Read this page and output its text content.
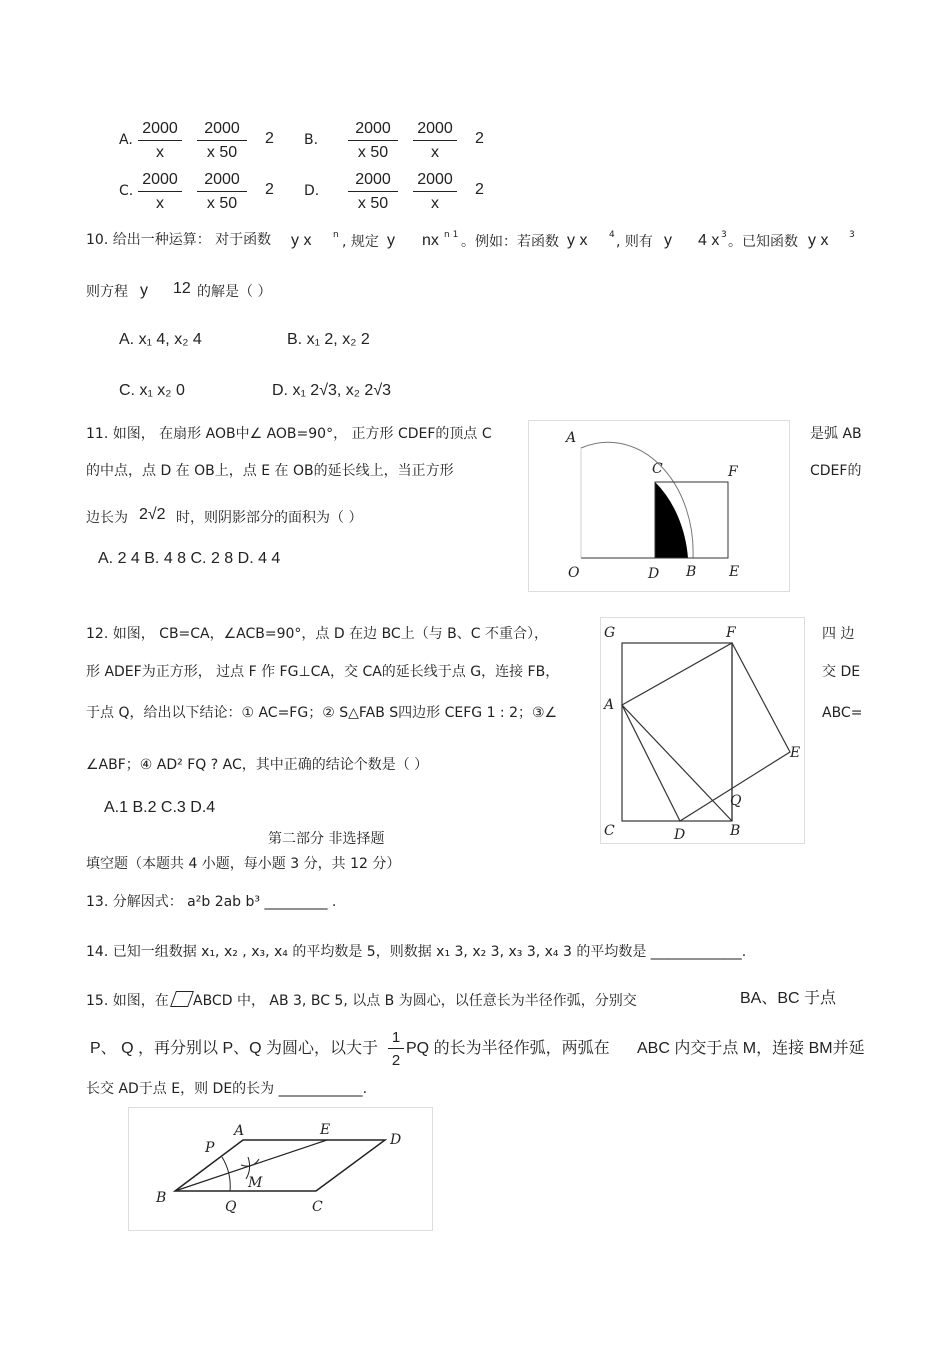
A. $\frac{2000}{x} \frac{2000}{x 50} 2$ B. $\frac{2000}{x 50} \frac{2000}{x} 2$
C. $\frac{2000}{x} \frac{2000}{x 50} 2$ D. $\frac{2000}{x 50} \frac{2000}{x} 2$
10. 给出一种运算： 对于函数 y x n , 规定 y nx n 1 。例如：若函数 y x 4 , 则有 y 4 x 3 。已知函数 y x 3
则方程 y 12 的解是（ ）
A. x₁ 4, x₂ 4	B. x₁ 2, x₂ 2
C. x₁ x₂ 0	D. x₁ 2√3, x₂ 2√3
11. 如图， 在扇形 AOB中∠ AOB=90°， 正方形 CDEF的顶点 C	是弧 AB
的中点，点 D 在 OB上，点 E 在 OB的延长线上，当正方形	CDEF的
边长为 2√2 时，则阴影部分的面积为（ ）
A. 2 4 B. 4 8 C. 2 8 D. 4 4
A
C	F
O	D B E
12. 如图， CB=CA，∠ACB=90°，点 D 在边 BC上（与 B、C 不重合），	四 边
形 ADEF为正方形， 过点 F 作 FG⊥CA，交 CA的延长线于点 G，连接 FB，	交 DE
于点 Q，给出以下结论：① AC=FG；② S△FAB S四边形 CEFG 1 : 2；③∠	ABC=
∠ABF；④ AD² FQ ? AC，其中正确的结论个数是（ ）
A.1 B.2 C.3 D.4
G	F
A
E
Q
C	D	B
第二部分 非选择题
填空题（本题共 4 小题，每小题 3 分，共 12 分）
13. 分解因式： a²b 2ab b³ _________ .
14. 已知一组数据 x₁, x₂ , x₃, x₄ 的平均数是 5，则数据 x₁ 3, x₂ 3, x₃ 3, x₄ 3 的平均数是 _____________.
15. 如图，在 ABCD 中， AB 3, BC 5, 以点 B 为圆心，以任意长为半径作弧，分别交	BA、BC 于点
P、 Q ，再分别以 P、Q 为圆心，以大于 $\frac{1}{2}$ PQ 的长为半径作弧，两弧在 ABC 内交于点 M，连接 BM并延
长交 AD于点 E，则 DE的长为 ____________.
A	E
D
P
M
B
Q	C
